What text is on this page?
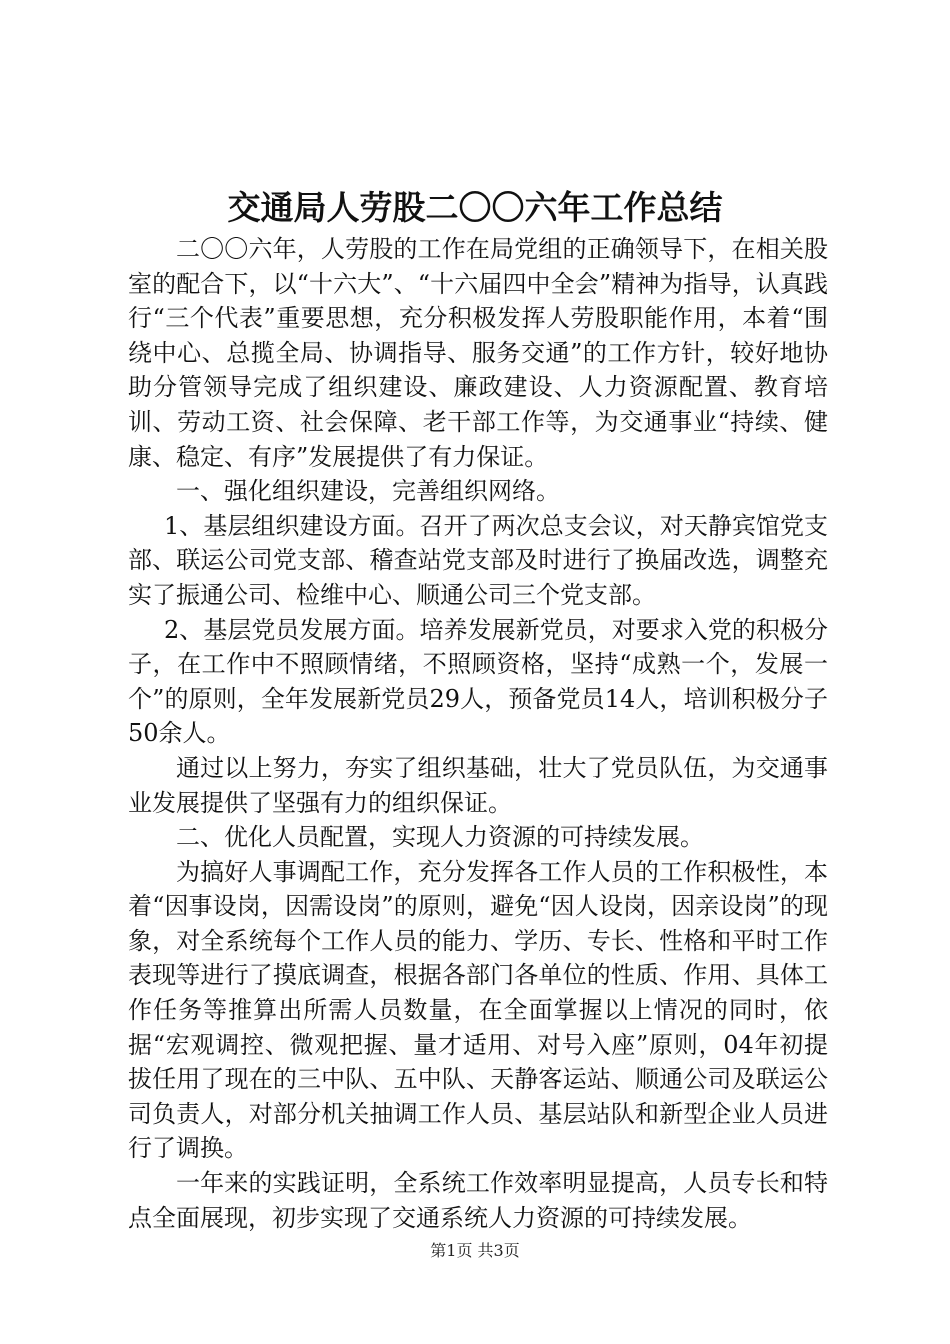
交通局人劳股二〇〇六年工作总结

二〇〇六年，人劳股的工作在局党组的正确领导下，在相关股室的配合下，以“十六大”、“十六届四中全会”精神为指导，认真践行“三个代表”重要思想，充分积极发挥人劳股职能作用，本着“围绕中心、总揽全局、协调指导、服务交通”的工作方针，较好地协助分管领导完成了组织建设、廉政建设、人力资源配置、教育培训、劳动工资、社会保障、老干部工作等，为交通事业“持续、健康、稳定、有序”发展提供了有力保证。

一、强化组织建设，完善组织网络。

1、基层组织建设方面。召开了两次总支会议，对天静宾馆党支部、联运公司党支部、稽查站党支部及时进行了换届改选，调整充实了振通公司、检维中心、顺通公司三个党支部。

2、基层党员发展方面。培养发展新党员，对要求入党的积极分子，在工作中不照顾情绪，不照顾资格，坚持“成熟一个，发展一个”的原则，全年发展新党员29人，预备党员14人，培训积极分子50余人。

通过以上努力，夯实了组织基础，壮大了党员队伍，为交通事业发展提供了坚强有力的组织保证。

二、优化人员配置，实现人力资源的可持续发展。

为搞好人事调配工作，充分发挥各工作人员的工作积极性，本着“因事设岗，因需设岗”的原则，避免“因人设岗，因亲设岗”的现象，对全系统每个工作人员的能力、学历、专长、性格和平时工作表现等进行了摸底调查，根据各部门各单位的性质、作用、具体工作任务等推算出所需人员数量，在全面掌握以上情况的同时，依据“宏观调控、微观把握、量才适用、对号入座”原则，04年初提拔任用了现在的三中队、五中队、天静客运站、顺通公司及联运公司负责人，对部分机关抽调工作人员、基层站队和新型企业人员进行了调换。

一年来的实践证明，全系统工作效率明显提高，人员专长和特点全面展现，初步实现了交通系统人力资源的可持续发展。

第1页 共3页
